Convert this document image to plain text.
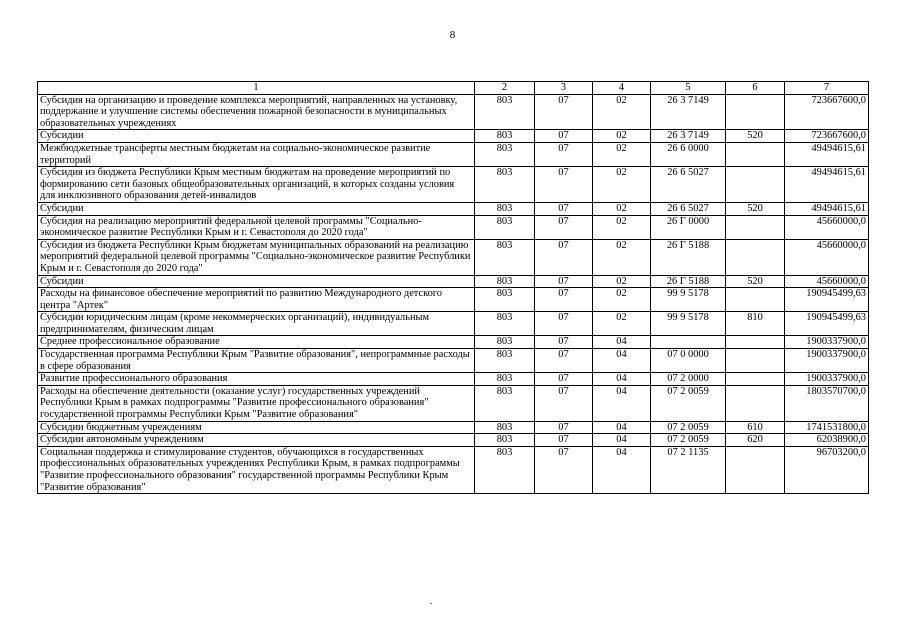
8
1	2	3	4	5	6	7
Субсидия на организацию и проведение комплекса мероприятий, направленных на установку, поддержание и улучшение системы обеспечения пожарной безопасности в муниципальных образовательных учреждениях	803	07	02	26 3 7149		723667600,0
Субсидии	803	07	02	26 3 7149	520	723667600,0
Межбюджетные трансферты местным бюджетам на социально-экономическое развитие территорий	803	07	02	26 6 0000		49494615,61
Субсидия из бюджета Республики Крым местным бюджетам на проведение мероприятий по формированию сети базовых общеобразовательных организаций, в которых созданы условия для инклюзивного образования детей-инвалидов	803	07	02	26 6 5027		49494615,61
Субсидии	803	07	02	26 6 5027	520	49494615,61
Субсидия на реализацию мероприятий федеральной целевой программы "Социально-экономическое развитие Республики Крым и г. Севастополя до 2020 года"	803	07	02	26 Г 0000		45660000,0
Субсидия из бюджета Республики Крым бюджетам муниципальных образований на реализацию мероприятий федеральной целевой программы "Социально-экономическое развитие Республики Крым и г. Севастополя до 2020 года"	803	07	02	26 Г 5188		45660000,0
Субсидии	803	07	02	26 Г 5188	520	45660000,0
Расходы на финансовое обеспечение мероприятий по развитию Международного детского центра "Артек"	803	07	02	99 9 5178		190945499,63
Субсидии юридическим лицам (кроме некоммерческих организаций), индивидуальным предпринимателям, физическим лицам	803	07	02	99 9 5178	810	190945499,63
Среднее профессиональное образование	803	07	04			1900337900,0
Государственная программа Республики Крым "Развитие образования", непрограммные расходы в сфере образования	803	07	04	07 0 0000		1900337900,0
Развитие профессионального образования	803	07	04	07 2 0000		1900337900,0
Расходы на обеспечение деятельности (оказание услуг) государственных учреждений Республики Крым в рамках подпрограммы "Развитие профессионального образования" государственной программы Республики Крым "Развитие образования"	803	07	04	07 2 0059		1803570700,0
Субсидии бюджетным учреждениям	803	07	04	07 2 0059	610	1741531800,0
Субсидии автономным учреждениям	803	07	04	07 2 0059	620	62038900,0
Социальная поддержка и стимулирование студентов, обучающихся в государственных профессиональных образовательных учреждениях Республики Крым, в рамках подпрограммы "Развитие профессионального образования" государственной программы Республики Крым "Развитие образования"	803	07	04	07 2 1135		96703200,0
